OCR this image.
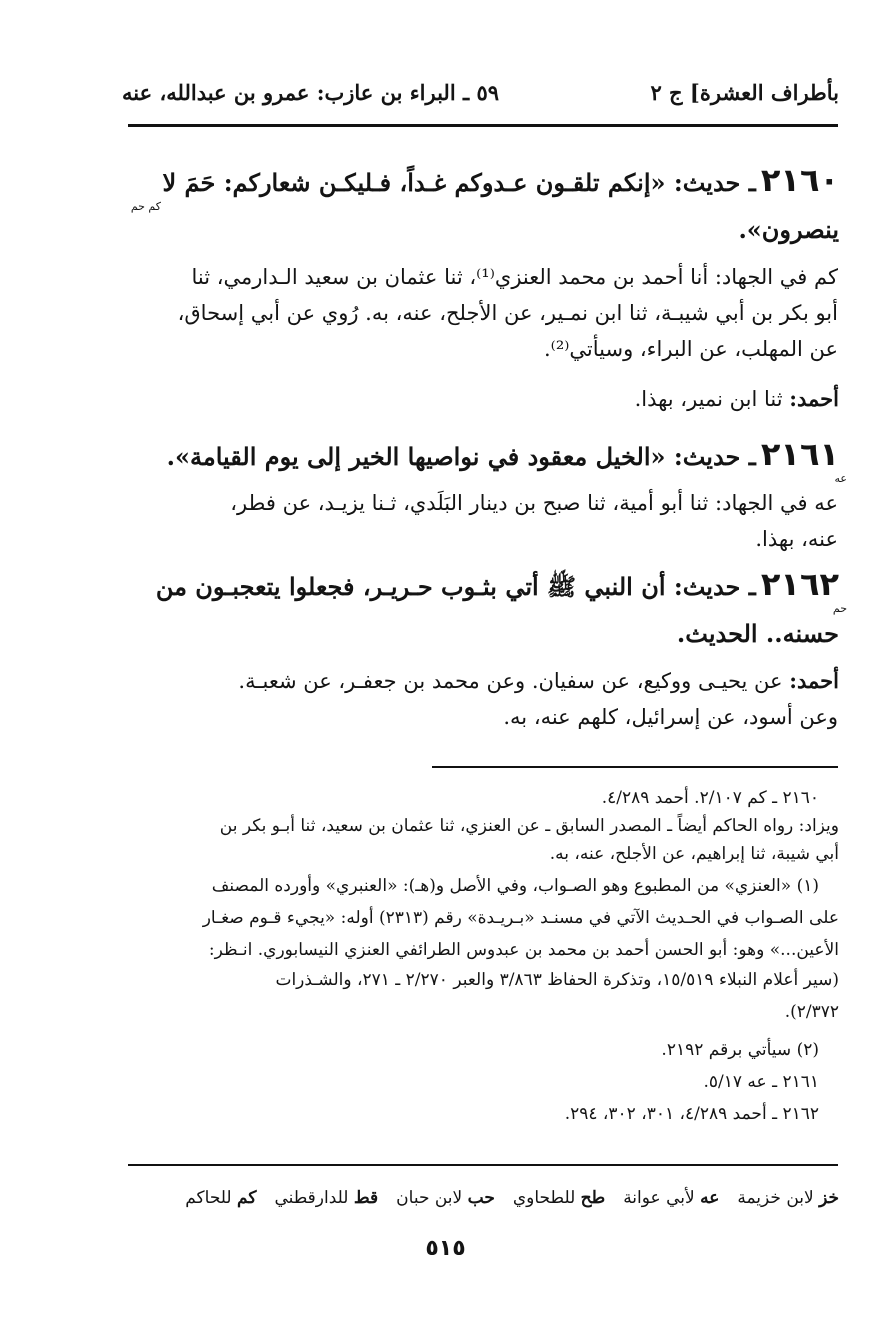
بأطراف العشرة] ج ٢
٥٩ ـ البراء بن عازب: عمرو بن عبدالله، عنه
٢١٦٠ ـ حديث: «إنكم تلقـون عـدوكم غـداً، فـليكـن شعاركم: حَمَ لا
كم حم
ينصرون».
كم في الجهاد: أنا أحمد بن محمد العنزي⁽¹⁾، ثنا عثمان بن سعيد الـدارمي، ثنا
أبو بكر بن أبي شيبـة، ثنا ابن نمـير، عن الأجلح، عنه، به. رُوي عن أبي إسحاق،
عن المهلب، عن البراء، وسيأتي⁽²⁾.
أحمد: ثنا ابن نمير، بهذا.
٢١٦١ ـ حديث: «الخيل معقود في نواصيها الخير إلى يوم القيامة».
عه
عه في الجهاد: ثنا أبو أمية، ثنا صبح بن دينار البَلَدي، ثـنا يزيـد، عن فطر،
عنه، بهذا.
٢١٦٢ ـ حديث: أن النبي ﷺ أتي بثـوب حـريـر، فجعلوا يتعجبـون من
حم
حسنه.. الحديث.
أحمد: عن يحيـى ووكيع، عن سفيان. وعن محمد بن جعفـر، عن شعبـة.
وعن أسود، عن إسرائيل، كلهم عنه، به.
٢١٦٠ ـ كم ٢/١٠٧. أحمد ٤/٢٨٩.
ويزاد: رواه الحاكم أيضاً ـ المصدر السابق ـ عن العنزي، ثنا عثمان بن سعيد، ثنا أبـو بكر بن
أبي شيبة، ثنا إبراهيم، عن الأجلح، عنه، به.
(١) «العنزي» من المطبوع وهو الصـواب، وفي الأصل و(هـ): «العنبري» وأورده المصنف
على الصـواب في الحـديث الآتي في مسنـد «بـريـدة» رقم (٢٣١٣) أوله: «يجيء قـوم صغـار
الأعين...» وهو: أبو الحسن أحمد بن محمد بن عبدوس الطرائفي العنزي النيسابوري. انـظر:
(سير أعلام النبلاء ١٥/٥١٩، وتذكرة الحفاظ ٣/٨٦٣ والعبر ٢/٢٧٠ ـ ٢٧١، والشـذرات
٢/٣٧٢).
(٢) سيأتي برقم ٢١٩٢.
٢١٦١ ـ عه ٥/١٧.
٢١٦٢ ـ أحمد ٤/٢٨٩، ٣٠١، ٣٠٢، ٢٩٤.
خز لابن خزيمةعه لأبي عوانةطح للطحاويحب لابن حبانقط للدارقطنيكم للحاكم
٥١٥
